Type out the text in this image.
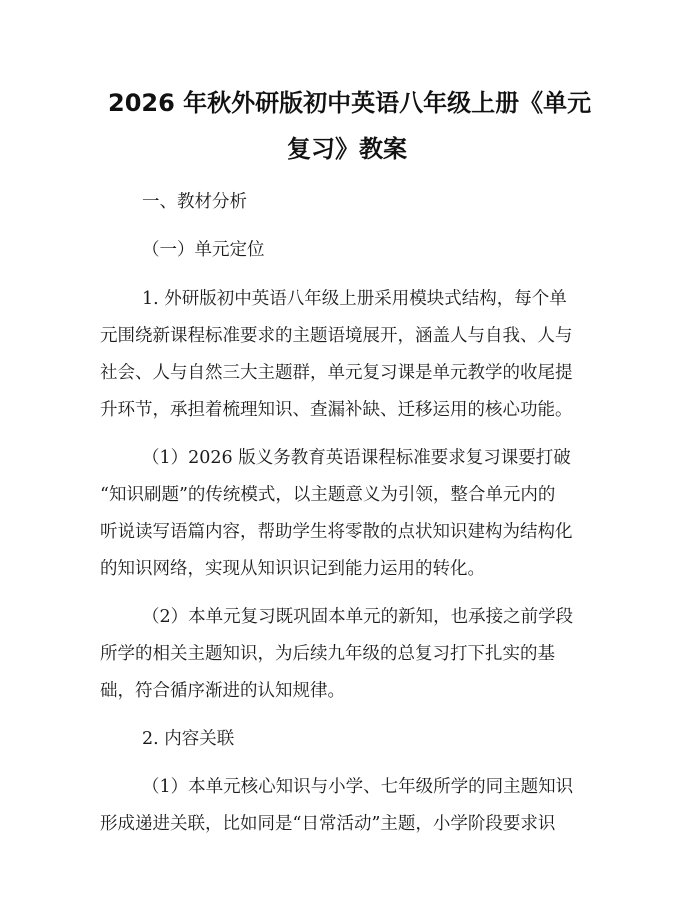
2026 年秋外研版初中英语八年级上册《单元
复习》教案
一、教材分析
（一）单元定位
1. 外研版初中英语八年级上册采用模块式结构，每个单
元围绕新课程标准要求的主题语境展开，涵盖人与自我、人与
社会、人与自然三大主题群，单元复习课是单元教学的收尾提
升环节，承担着梳理知识、查漏补缺、迁移运用的核心功能。
（1）2026 版义务教育英语课程标准要求复习课要打破
“知识刷题”的传统模式，以主题意义为引领，整合单元内的
听说读写语篇内容，帮助学生将零散的点状知识建构为结构化
的知识网络，实现从知识识记到能力运用的转化。
（2）本单元复习既巩固本单元的新知，也承接之前学段
所学的相关主题知识，为后续九年级的总复习打下扎实的基
础，符合循序渐进的认知规律。
2. 内容关联
（1）本单元核心知识与小学、七年级所学的同主题知识
形成递进关联，比如同是“日常活动”主题，小学阶段要求识
